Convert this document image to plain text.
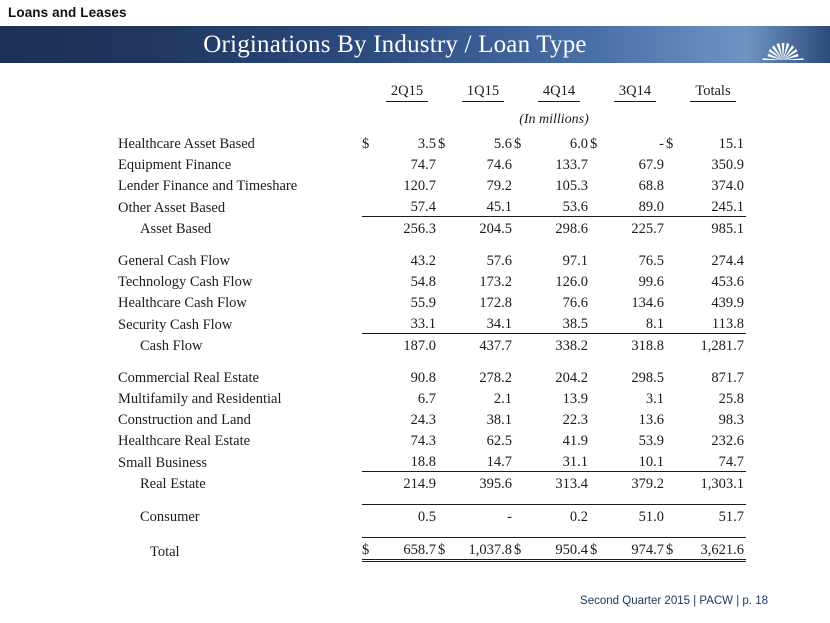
Loans and Leases
Originations By Industry / Loan Type
		2Q15		1Q15		4Q14		3Q14		Totals
	(In millions)									
Healthcare Asset Based	$	3.5	$	5.6	$	6.0	$	-	$	15.1
Equipment Finance		74.7		74.6		133.7		67.9		350.9
Lender Finance and Timeshare		120.7		79.2		105.3		68.8		374.0
Other Asset Based		57.4		45.1		53.6		89.0		245.1
Asset Based		256.3		204.5		298.6		225.7		985.1

General Cash Flow		43.2		57.6		97.1		76.5		274.4
Technology Cash Flow		54.8		173.2		126.0		99.6		453.6
Healthcare Cash Flow		55.9		172.8		76.6		134.6		439.9
Security Cash Flow		33.1		34.1		38.5		8.1		113.8
Cash Flow		187.0		437.7		338.2		318.8		1,281.7

Commercial Real Estate		90.8		278.2		204.2		298.5		871.7
Multifamily and Residential		6.7		2.1		13.9		3.1		25.8
Construction and Land		24.3		38.1		22.3		13.6		98.3
Healthcare Real Estate		74.3		62.5		41.9		53.9		232.6
Small Business		18.8		14.7		31.1		10.1		74.7
Real Estate		214.9		395.6		313.4		379.2		1,303.1

Consumer		0.5		-		0.2		51.0		51.7

Total	$	658.7	$	1,037.8	$	950.4	$	974.7	$	3,621.6
Second Quarter 2015 | PACW | p. 18
